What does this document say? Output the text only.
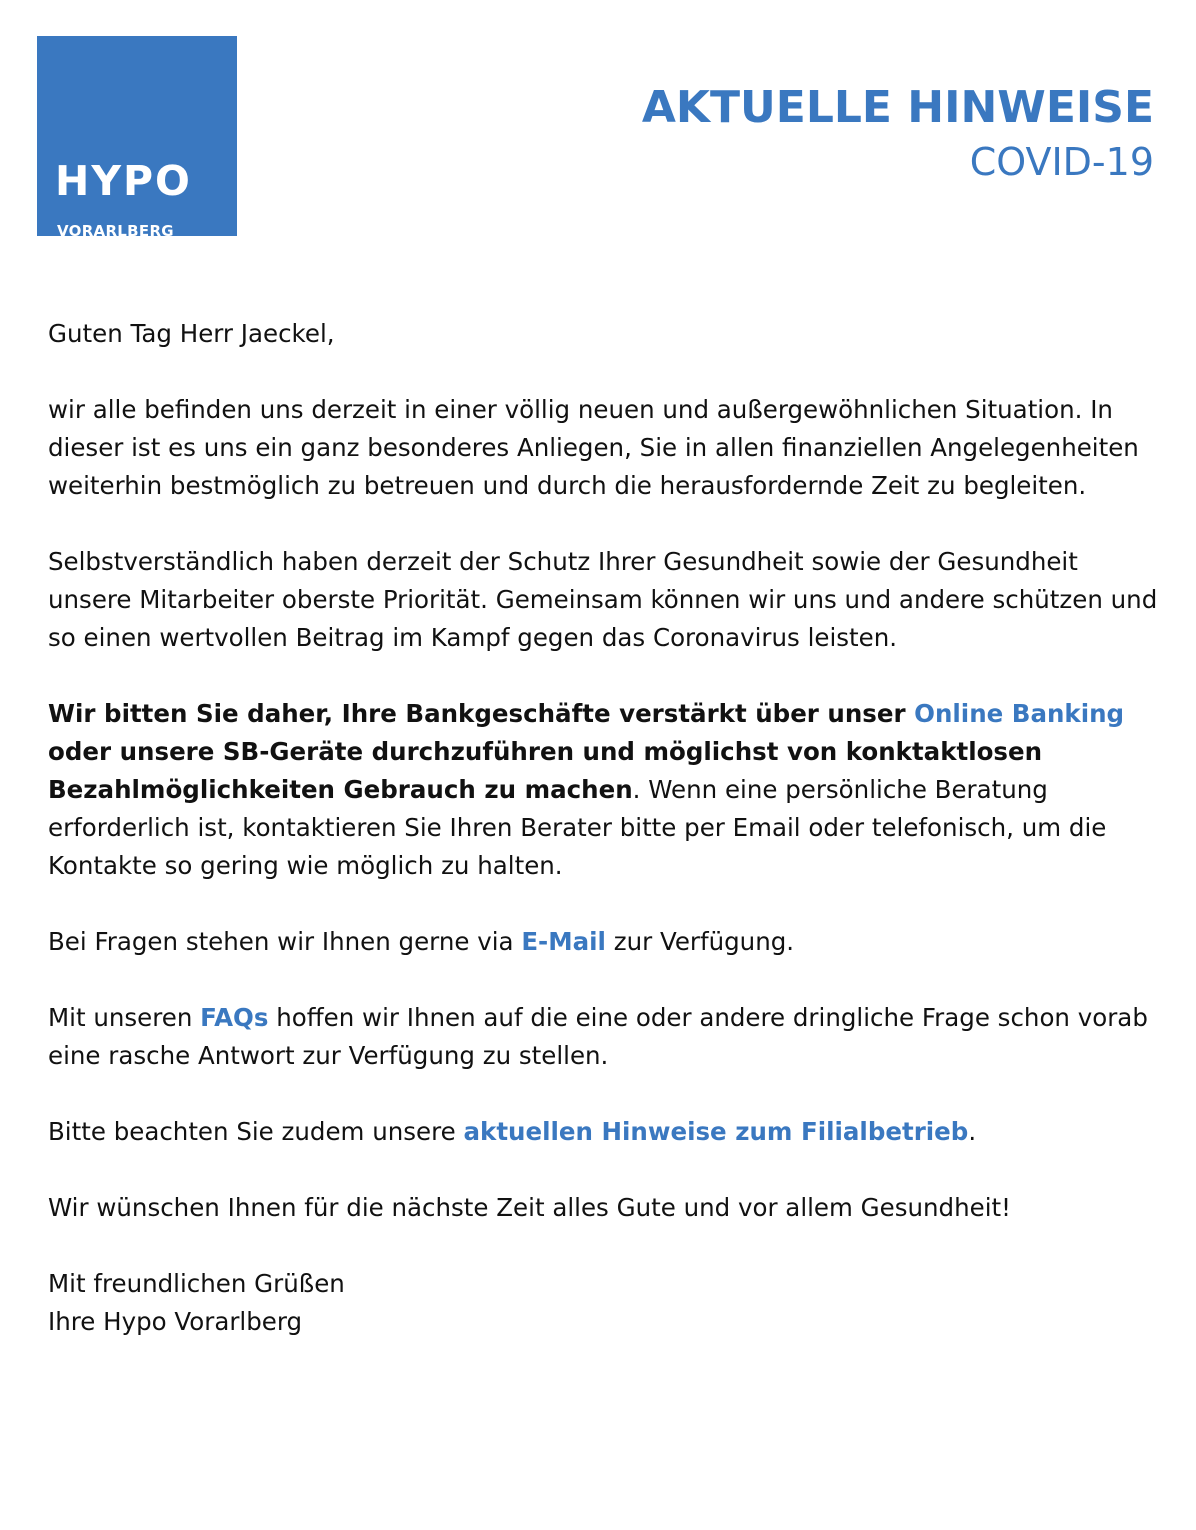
HYPO
VORARLBERG
AKTUELLE HINWEISE
COVID-19

Guten Tag Herr Jaeckel,

wir alle befinden uns derzeit in einer völlig neuen und außergewöhnlichen Situation. In dieser ist es uns ein ganz besonderes Anliegen, Sie in allen finanziellen Angelegenheiten weiterhin bestmöglich zu betreuen und durch die herausfordernde Zeit zu begleiten.

Selbstverständlich haben derzeit der Schutz Ihrer Gesundheit sowie der Gesundheit unsere Mitarbeiter oberste Priorität. Gemeinsam können wir uns und andere schützen und so einen wertvollen Beitrag im Kampf gegen das Coronavirus leisten.

Wir bitten Sie daher, Ihre Bankgeschäfte verstärkt über unser Online Banking oder unsere SB-Geräte durchzuführen und möglichst von konktaktlosen Bezahlmöglichkeiten Gebrauch zu machen. Wenn eine persönliche Beratung erforderlich ist, kontaktieren Sie Ihren Berater bitte per Email oder telefonisch, um die Kontakte so gering wie möglich zu halten.

Bei Fragen stehen wir Ihnen gerne via E-Mail zur Verfügung.

Mit unseren FAQs hoffen wir Ihnen auf die eine oder andere dringliche Frage schon vorab eine rasche Antwort zur Verfügung zu stellen.

Bitte beachten Sie zudem unsere aktuellen Hinweise zum Filialbetrieb.

Wir wünschen Ihnen für die nächste Zeit alles Gute und vor allem Gesundheit!

Mit freundlichen Grüßen
Ihre Hypo Vorarlberg
